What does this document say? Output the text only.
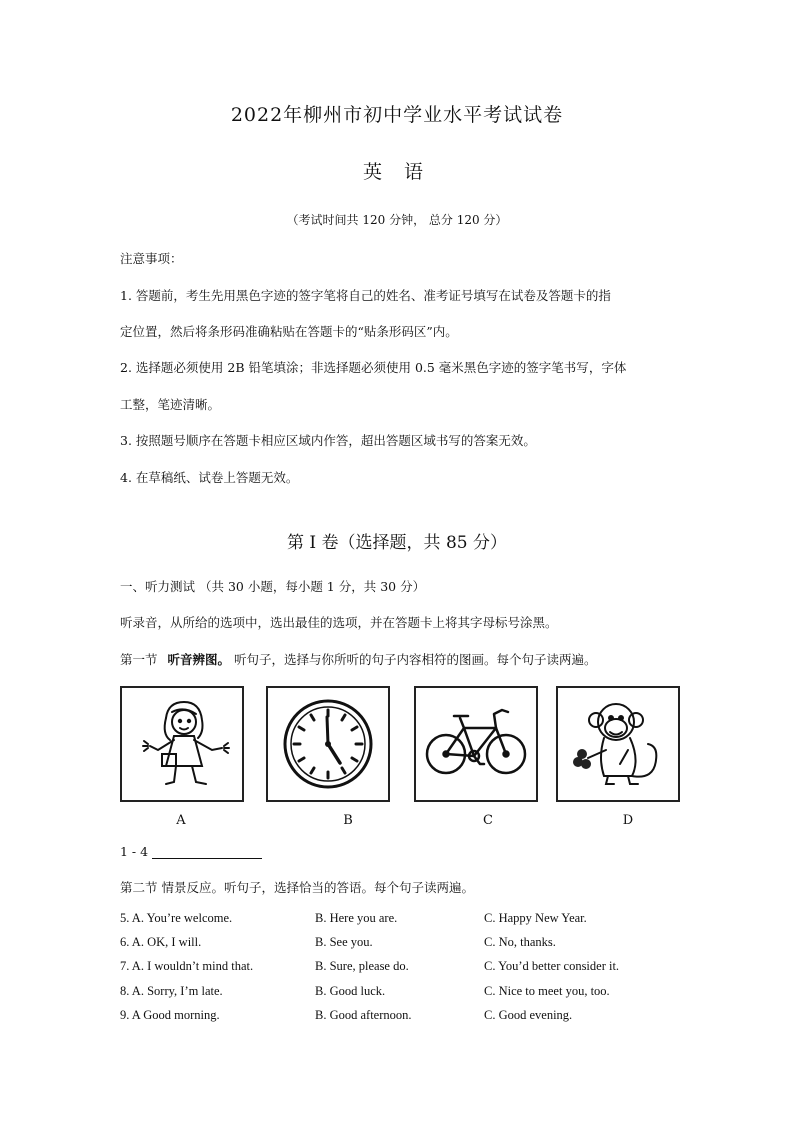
2022年柳州市初中学业水平考试试卷
英 语
（考试时间共 120 分钟， 总分 120 分）
注意事项：
1. 答题前，考生先用黑色字迹的签字笔将自己的姓名、准考证号填写在试卷及答题卡的指
定位置，然后将条形码准确粘贴在答题卡的“贴条形码区”内。
2. 选择题必须使用 2B 铅笔填涂；非选择题必须使用 0.5 毫米黑色字迹的签字笔书写，字体
工整，笔迹清晰。
3. 按照题号顺序在答题卡相应区域内作答，超出答题区域书写的答案无效。
4. 在草稿纸、试卷上答题无效。
第 I 卷（选择题，共 85 分）
一、听力测试 （共 30 小题，每小题 1 分，共 30 分）
听录音，从所给的选项中，选出最佳的选项，并在答题卡上将其字母标号涂黑。
第一节 听音辨图。 听句子，选择与你所听的句子内容相符的图画。每个句子读两遍。
A	B	C	D
1 - 4
第二节 情景反应。听句子，选择恰当的答语。每个句子读两遍。
5. A. You’re welcome.	B. Here you are.	C. Happy New Year.
6. A. OK, I will.	B. See you.	C. No, thanks.
7. A. I wouldn’t mind that.	B. Sure, please do.	C. You’d better consider it.
8. A. Sorry, I’m late.	B. Good luck.	C. Nice to meet you, too.
9. A Good morning.	B. Good afternoon.	C. Good evening.
